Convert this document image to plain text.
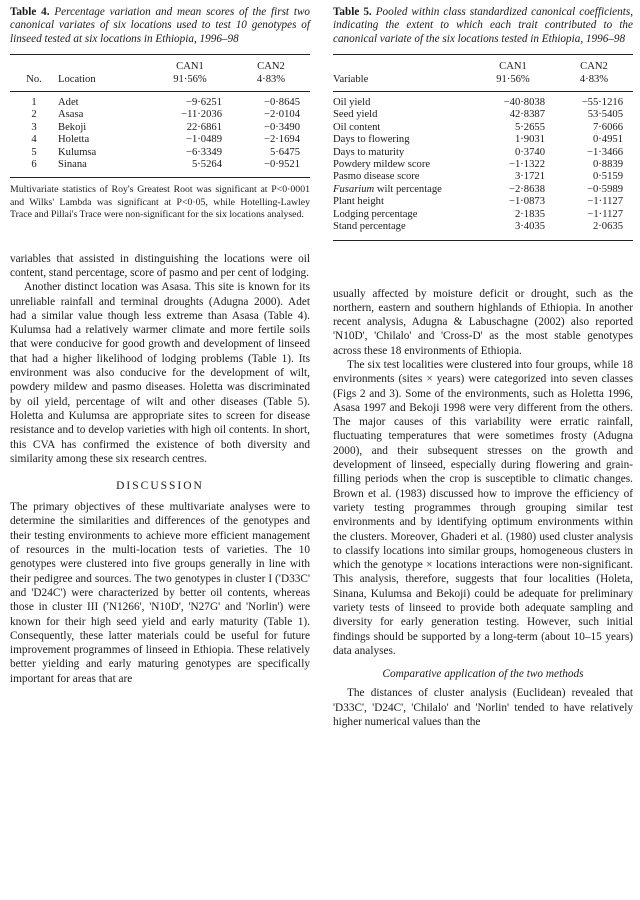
Table 4. Percentage variation and mean scores of the first two canonical variates of six locations used to test 10 genotypes of linseed tested at six locations in Ethiopia, 1996–98

		CAN1	CAN2
No.	Location	91·56%	4·83%
1	Adet	−9·6251	−0·8645
2	Asasa	−11·2036	−2·0104
3	Bekoji	22·6861	−0·3490
4	Holetta	−1·0489	−2·1694
5	Kulumsa	−6·3349	5·6475
6	Sinana	5·5264	−0·9521

Multivariate statistics of Roy's Greatest Root was significant at P<0·0001 and Wilks' Lambda was significant at P<0·05, while Hotelling-Lawley Trace and Pillai's Trace were non-significant for the six locations analysed.

variables that assisted in distinguishing the locations were oil content, stand percentage, score of pasmo and per cent of lodging.

Another distinct location was Asasa. This site is known for its unreliable rainfall and terminal droughts (Adugna 2000). Adet had a similar value though less extreme than Asasa (Table 4). Kulumsa had a relatively warmer climate and more fertile soils that were conducive for good growth and development of linseed that had a higher likelihood of lodging problems (Table 1). Its environment was also conducive for the development of wilt, powdery mildew and pasmo diseases. Holetta was discriminated by oil yield, percentage of wilt and other diseases (Table 5). Holetta and Kulumsa are appropriate sites to screen for disease resistance and to develop varieties with high oil contents. In short, this CVA has confirmed the existence of both diversity and similarity among these six research centres.

DISCUSSION

The primary objectives of these multivariate analyses were to determine the similarities and differences of the genotypes and their testing environments to achieve more efficient management of resources in the multi-location tests of varieties. The 10 genotypes were clustered into five groups generally in line with their pedigree and sources. The two genotypes in cluster I ('D33C' and 'D24C') were characterized by better oil contents, whereas those in cluster III ('N1266', 'N10D', 'N27G' and 'Norlin') were known for their high seed yield and early maturity (Table 1). Consequently, these latter materials could be useful for future improvement programmes of linseed in Ethiopia. These relatively better yielding and early maturing genotypes are specifically important for areas that are

Table 5. Pooled within class standardized canonical coefficients, indicating the extent to which each trait contributed to the canonical variate of the six locations tested in Ethiopia, 1996–98

	CAN1	CAN2
Variable	91·56%	4·83%
Oil yield	−40·8038	−55·1216
Seed yield	42·8387	53·5405
Oil content	5·2655	7·6066
Days to flowering	1·9031	0·4951
Days to maturity	0·3740	−1·3466
Powdery mildew score	−1·1322	0·8839
Pasmo disease score	3·1721	0·5159
Fusarium wilt percentage	−2·8638	−0·5989
Plant height	−1·0873	−1·1127
Lodging percentage	2·1835	−1·1127
Stand percentage	3·4035	2·0635

usually affected by moisture deficit or drought, such as the northern, eastern and southern highlands of Ethiopia. In another recent analysis, Adugna & Labuschagne (2002) also reported 'N10D', 'Chilalo' and 'Cross-D' as the most stable genotypes across these 18 environments of Ethiopia.

The six test localities were clustered into four groups, while 18 environments (sites × years) were categorized into seven classes (Figs 2 and 3). Some of the environments, such as Holetta 1996, Asasa 1997 and Bekoji 1998 were very different from the others. The major causes of this variability were erratic rainfall, fluctuating temperatures that were sometimes frosty (Adugna 2000), and their subsequent stresses on the growth and development of linseed, especially during flowering and grain-filling periods when the crop is susceptible to climatic changes. Brown et al. (1983) discussed how to improve the efficiency of variety testing programmes through grouping similar test environments and by identifying optimum environments within the clusters. Moreover, Ghaderi et al. (1980) used cluster analysis to classify locations into similar groups, homogeneous clusters in which the genotype × locations interactions were non-significant. This analysis, therefore, suggests that four localities (Holeta, Sinana, Kulumsa and Bekoji) could be adequate for preliminary variety tests of linseed to provide both adequate sampling and diversity for early generation testing. However, such initial findings should be supported by a long-term (about 10–15 years) data analyses.

Comparative application of the two methods

The distances of cluster analysis (Euclidean) revealed that 'D33C', 'D24C', 'Chilalo' and 'Norlin' tended to have relatively higher numerical values than the
